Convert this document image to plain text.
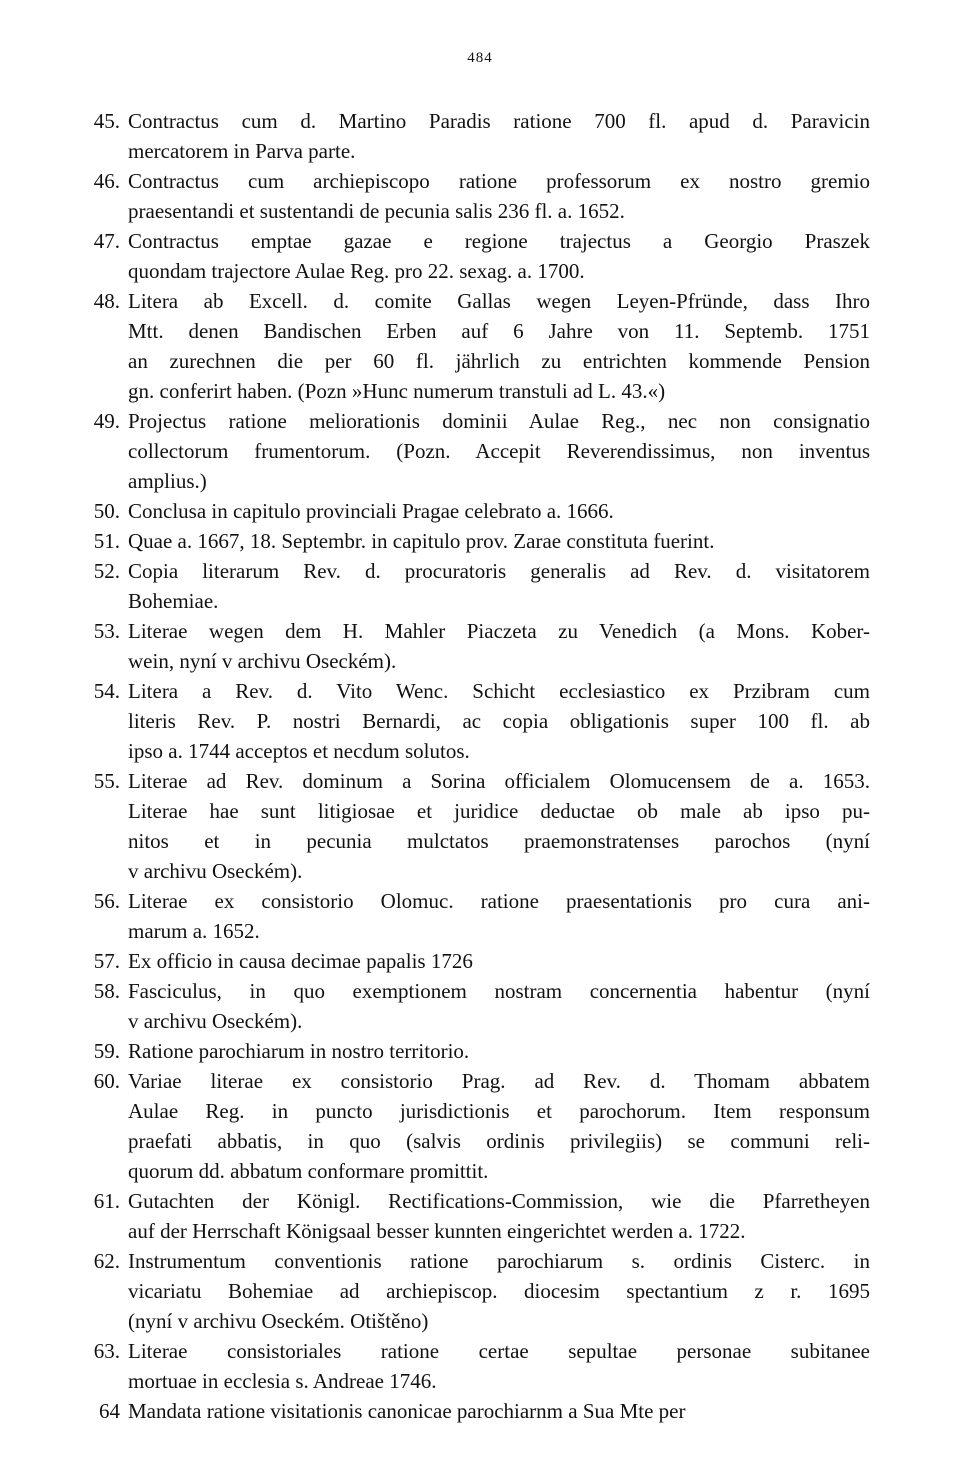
484
45. Contractus cum d. Martino Paradis ratione 700 fl. apud d. Paravicin
mercatorem in Parva parte.
46. Contractus cum archiepiscopo ratione professorum ex nostro gremio
praesentandi et sustentandi de pecunia salis 236 fl. a. 1652.
47. Contractus emptae gazae e regione trajectus a Georgio Praszek
quondam trajectore Aulae Reg. pro 22. sexag. a. 1700.
48. Litera ab Excell. d. comite Gallas wegen Leyen-Pfründe, dass Ihro
Mtt. denen Bandischen Erben auf 6 Jahre von 11. Septemb. 1751
an zurechnen die per 60 fl. jährlich zu entrichten kommende Pension
gn. conferirt haben. (Pozn »Hunc numerum transtuli ad L. 43.«)
49. Projectus ratione meliorationis dominii Aulae Reg., nec non consignatio
collectorum frumentorum. (Pozn. Accepit Reverendissimus, non inventus
amplius.)
50. Conclusa in capitulo provinciali Pragae celebrato a. 1666.
51. Quae a. 1667, 18. Septembr. in capitulo prov. Zarae constituta fuerint.
52. Copia literarum Rev. d. procuratoris generalis ad Rev. d. visitatorem
Bohemiae.
53. Literae wegen dem H. Mahler Piaczeta zu Venedich (a Mons. Kober-
wein, nyní v archivu Oseckém).
54. Litera a Rev. d. Vito Wenc. Schicht ecclesiastico ex Przibram cum
literis Rev. P. nostri Bernardi, ac copia obligationis super 100 fl. ab
ipso a. 1744 acceptos et necdum solutos.
55. Literae ad Rev. dominum a Sorina officialem Olomucensem de a. 1653.
Literae hae sunt litigiosae et juridice deductae ob male ab ipso pu-
nitos et in pecunia mulctatos praemonstratenses parochos (nyní
v archivu Oseckém).
56. Literae ex consistorio Olomuc. ratione praesentationis pro cura ani-
marum a. 1652.
57. Ex officio in causa decimae papalis 1726
58. Fasciculus, in quo exemptionem nostram concernentia habentur (nyní
v archivu Oseckém).
59. Ratione parochiarum in nostro territorio.
60. Variae literae ex consistorio Prag. ad Rev. d. Thomam abbatem
Aulae Reg. in puncto jurisdictionis et parochorum. Item responsum
praefati abbatis, in quo (salvis ordinis privilegiis) se communi reli-
quorum dd. abbatum conformare promittit.
61. Gutachten der Königl. Rectifications-Commission, wie die Pfarretheyen
auf der Herrschaft Königsaal besser kunnten eingerichtet werden a. 1722.
62. Instrumentum conventionis ratione parochiarum s. ordinis Cisterc. in
vicariatu Bohemiae ad archiepiscop. diocesim spectantium z r. 1695
(nyní v archivu Oseckém. Otištěno)
63. Literae consistoriales ratione certae sepultae personae subitanee
mortuae in ecclesia s. Andreae 1746.
64 Mandata ratione visitationis canonicae parochiarnm a Sua Mte per
